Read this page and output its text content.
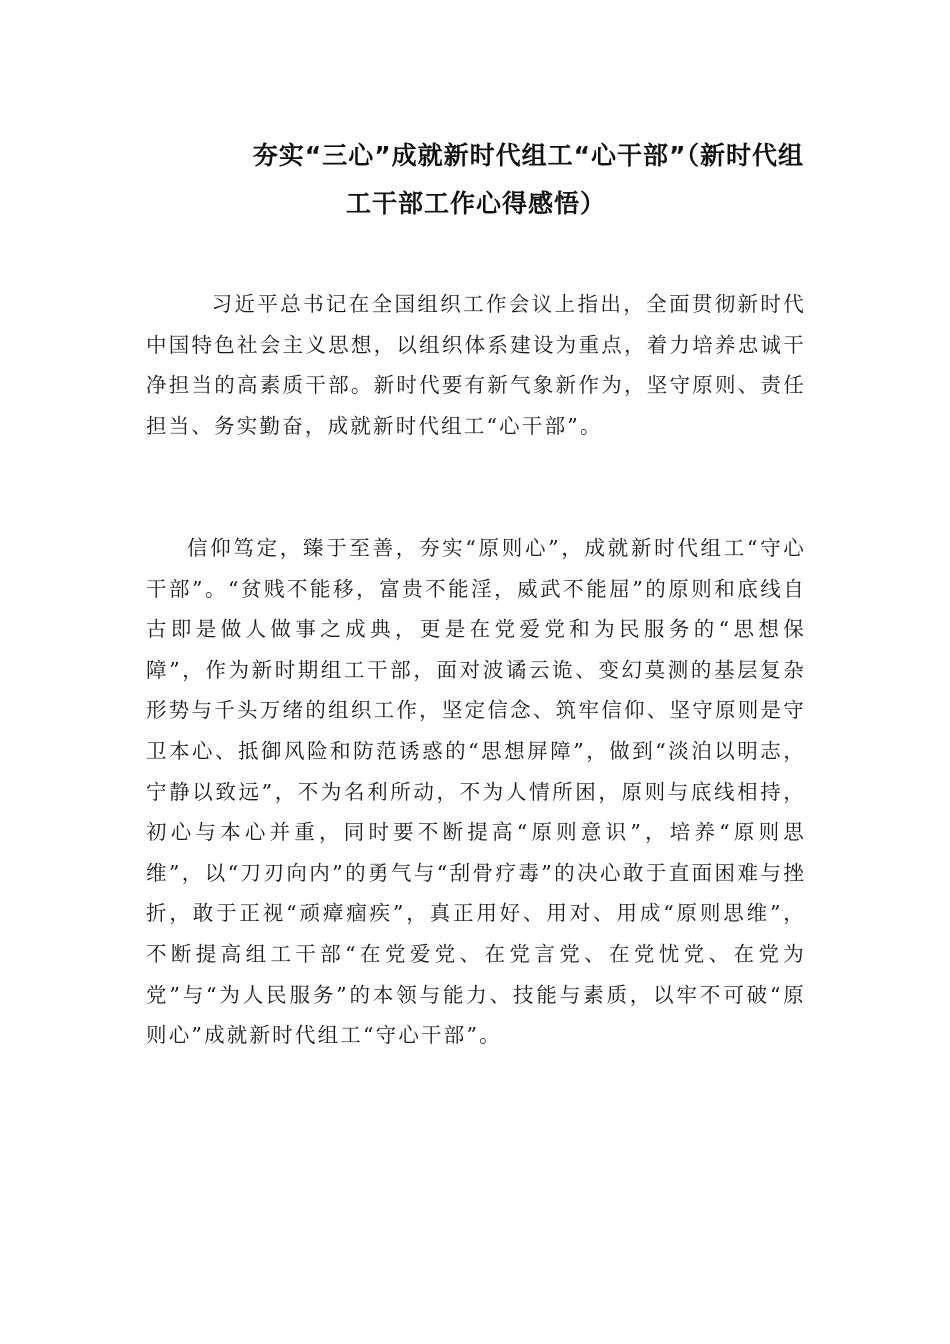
夯实“三心”成就新时代组工“心干部”（新时代组
工干部工作心得感悟）

习近平总书记在全国组织工作会议上指出，全面贯彻新时代中国特色社会主义思想，以组织体系建设为重点，着力培养忠诚干净担当的高素质干部。新时代要有新气象新作为，坚守原则、责任担当、务实勤奋，成就新时代组工“心干部”。

信仰笃定，臻于至善，夯实“原则心”，成就新时代组工“守心干部”。“贫贱不能移，富贵不能淫，威武不能屈”的原则和底线自古即是做人做事之成典，更是在党爱党和为民服务的“思想保障”，作为新时期组工干部，面对波谲云诡、变幻莫测的基层复杂形势与千头万绪的组织工作，坚定信念、筑牢信仰、坚守原则是守卫本心、抵御风险和防范诱惑的“思想屏障”，做到“淡泊以明志，宁静以致远”，不为名利所动，不为人情所困，原则与底线相持，初心与本心并重，同时要不断提高“原则意识”，培养“原则思维”，以“刀刃向内”的勇气与“刮骨疗毒”的决心敢于直面困难与挫折，敢于正视“顽瘴痼疾”，真正用好、用对、用成“原则思维”，不断提高组工干部“在党爱党、在党言党、在党忧党、在党为党”与“为人民服务”的本领与能力、技能与素质，以牢不可破“原则心”成就新时代组工“守心干部”。
